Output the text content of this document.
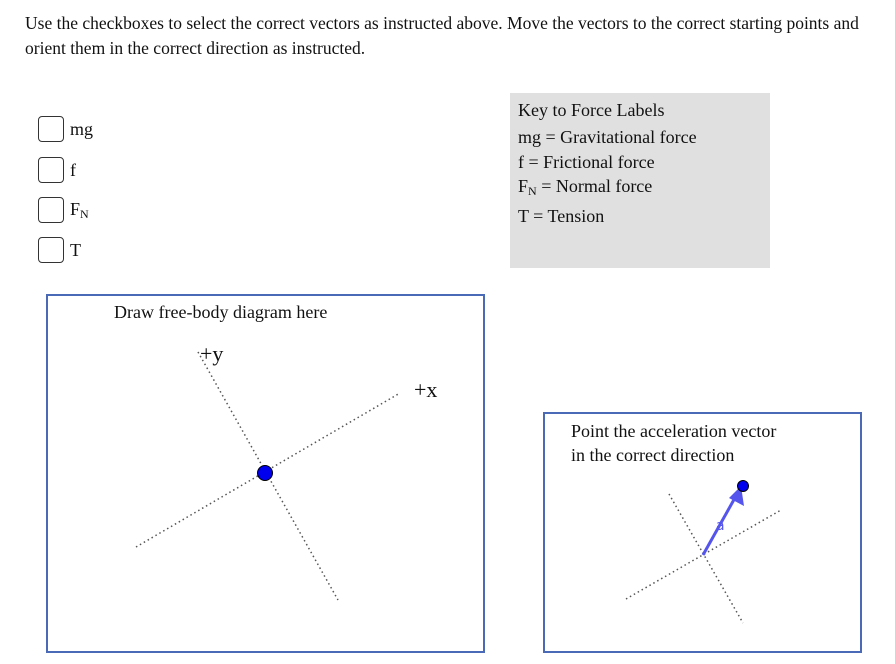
Use the checkboxes to select the correct vectors as instructed above. Move the vectors to the correct starting points and orient them in the correct direction as instructed.
mg
f
$F_N$
T
Key to Force Labels
mg = Gravitational force
f = Frictional force
$F_N$ = Normal force
T = Tension
Draw free-body diagram here
+y
+x
Point the acceleration vector
in the correct direction
a
